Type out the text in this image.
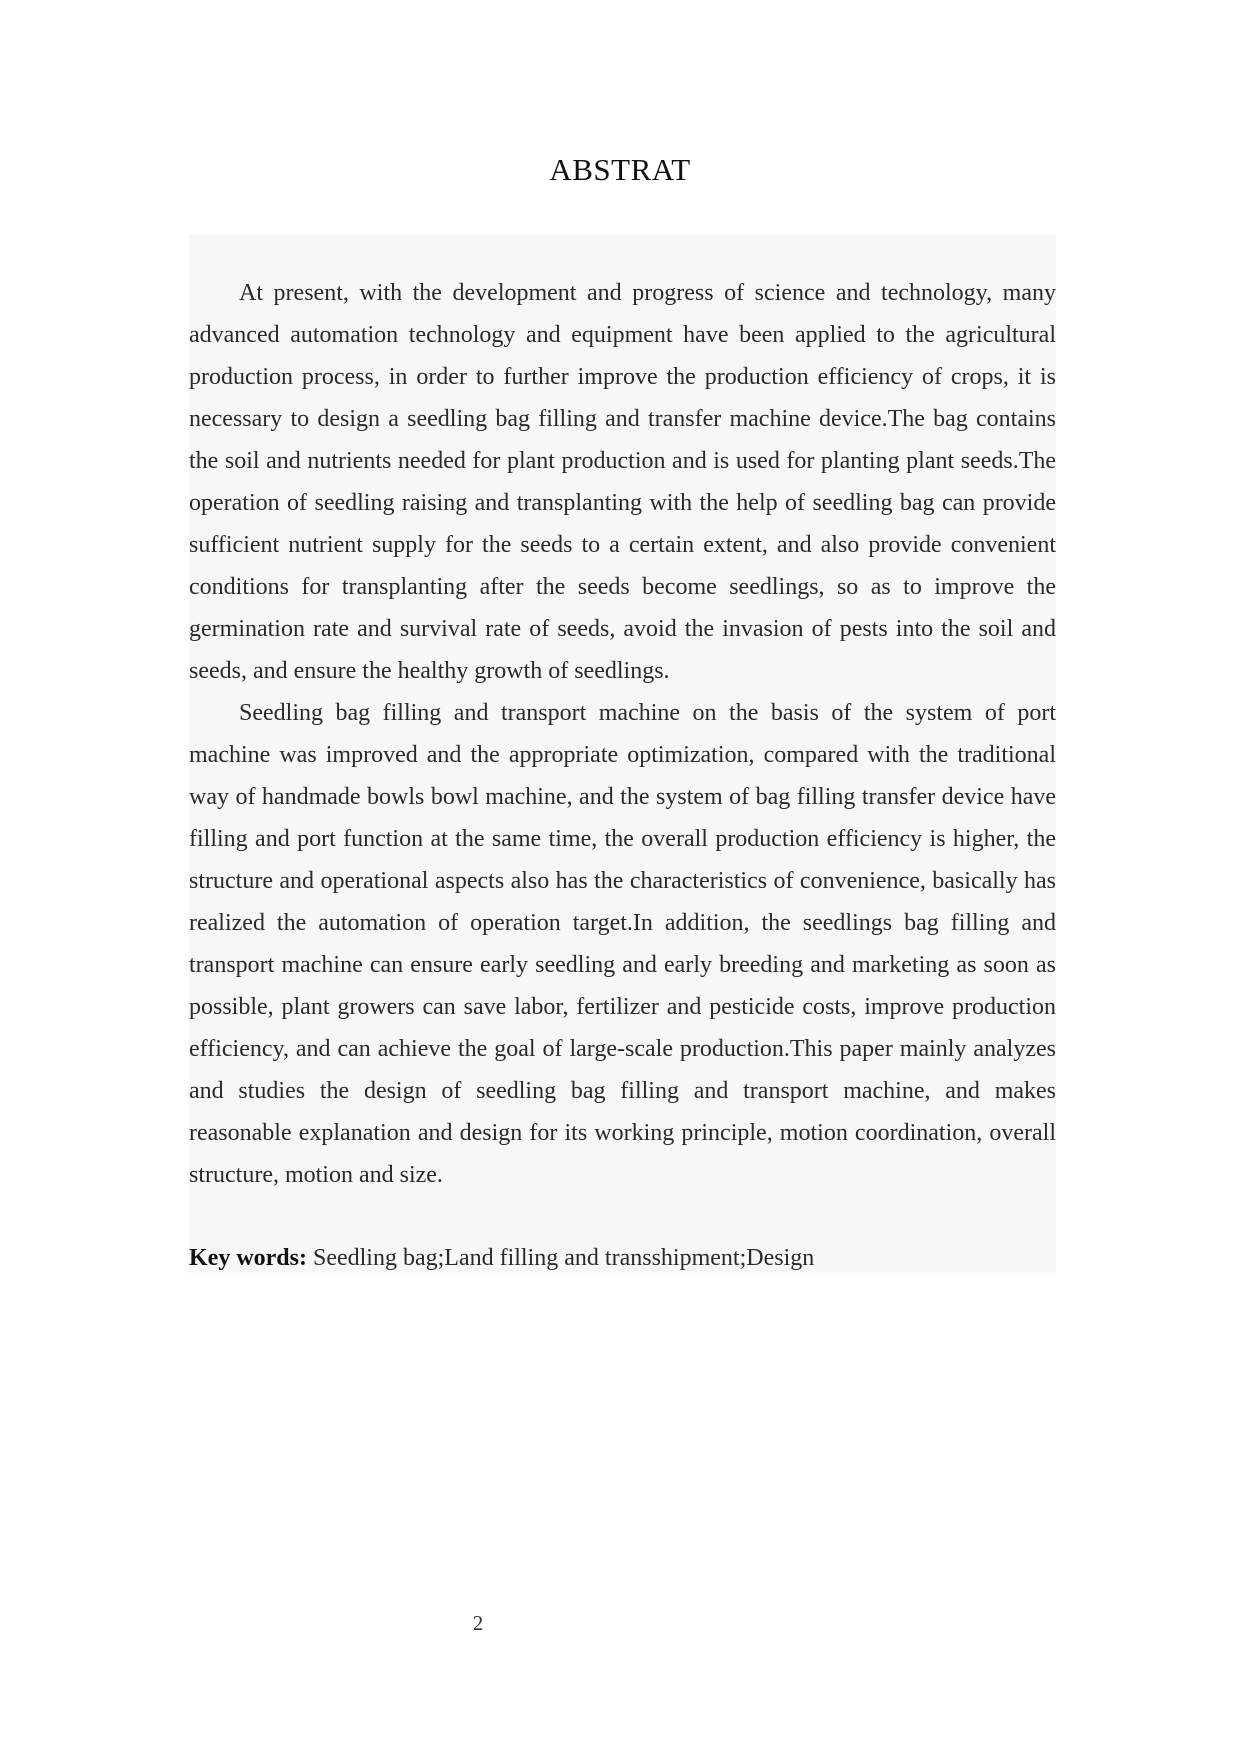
ABSTRAT

At present, with the development and progress of science and technology, many advanced automation technology and equipment have been applied to the agricultural production process, in order to further improve the production efficiency of crops, it is necessary to design a seedling bag filling and transfer machine device.The bag contains the soil and nutrients needed for plant production and is used for planting plant seeds.The operation of seedling raising and transplanting with the help of seedling bag can provide sufficient nutrient supply for the seeds to a certain extent, and also provide convenient conditions for transplanting after the seeds become seedlings, so as to improve the germination rate and survival rate of seeds, avoid the invasion of pests into the soil and seeds, and ensure the healthy growth of seedlings.

Seedling bag filling and transport machine on the basis of the system of port machine was improved and the appropriate optimization, compared with the traditional way of handmade bowls bowl machine, and the system of bag filling transfer device have filling and port function at the same time, the overall production efficiency is higher, the structure and operational aspects also has the characteristics of convenience, basically has realized the automation of operation target.In addition, the seedlings bag filling and transport machine can ensure early seedling and early breeding and marketing as soon as possible, plant growers can save labor, fertilizer and pesticide costs, improve production efficiency, and can achieve the goal of large-scale production.This paper mainly analyzes and studies the design of seedling bag filling and transport machine, and makes reasonable explanation and design for its working principle, motion coordination, overall structure, motion and size.

Key words: Seedling bag;Land filling and transshipment;Design
2
